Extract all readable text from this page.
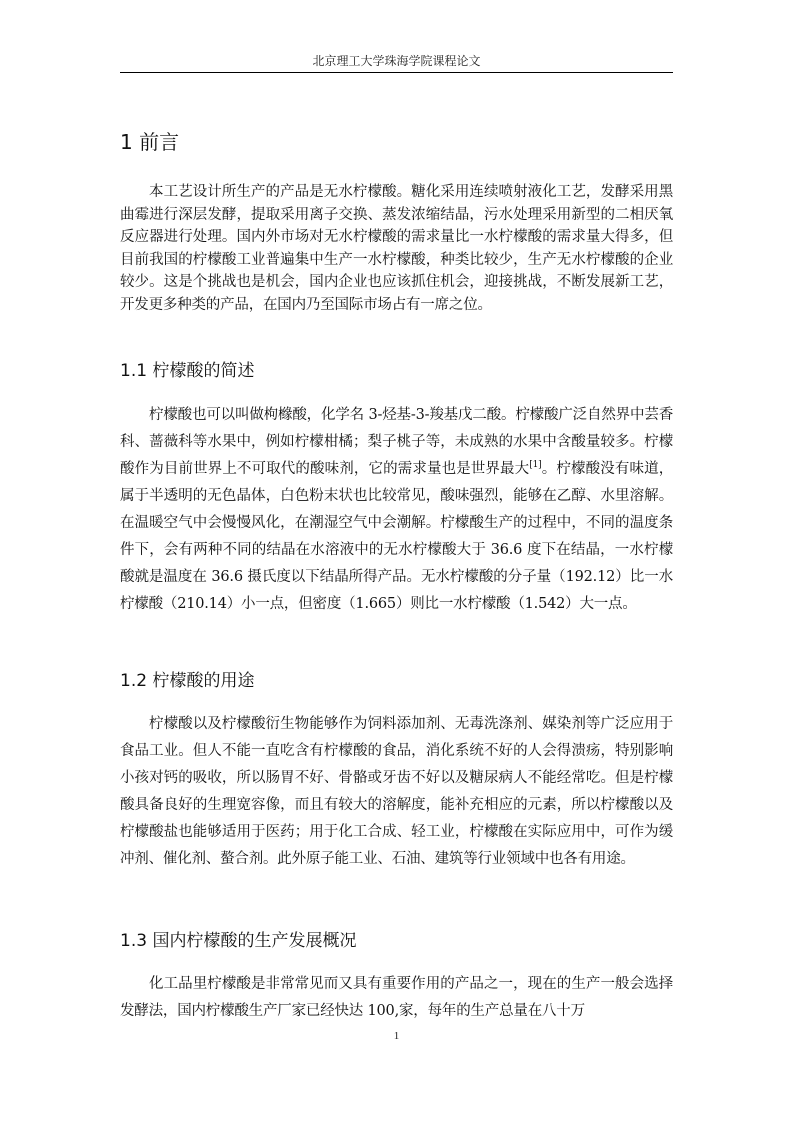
北京理工大学珠海学院课程论文
1 前言

本工艺设计所生产的产品是无水柠檬酸。糖化采用连续喷射液化工艺，发酵采用黑曲霉进行深层发酵，提取采用离子交换、蒸发浓缩结晶，污水处理采用新型的二相厌氧反应器进行处理。国内外市场对无水柠檬酸的需求量比一水柠檬酸的需求量大得多，但目前我国的柠檬酸工业普遍集中生产一水柠檬酸，种类比较少，生产无水柠檬酸的企业较少。这是个挑战也是机会，国内企业也应该抓住机会，迎接挑战，不断发展新工艺，开发更多种类的产品，在国内乃至国际市场占有一席之位。

1.1 柠檬酸的简述

柠檬酸也可以叫做枸橼酸，化学名 3-烃基-3-羧基戊二酸。柠檬酸广泛自然界中芸香科、蔷薇科等水果中，例如柠檬柑橘；梨子桃子等，未成熟的水果中含酸量较多。柠檬酸作为目前世界上不可取代的酸味剂，它的需求量也是世界最大[1]。柠檬酸没有味道，属于半透明的无色晶体，白色粉末状也比较常见，酸味强烈，能够在乙醇、水里溶解。在温暖空气中会慢慢风化，在潮湿空气中会潮解。柠檬酸生产的过程中，不同的温度条件下，会有两种不同的结晶在水溶液中的无水柠檬酸大于 36.6 度下在结晶，一水柠檬酸就是温度在 36.6 摄氏度以下结晶所得产品。无水柠檬酸的分子量（192.12）比一水柠檬酸（210.14）小一点，但密度（1.665）则比一水柠檬酸（1.542）大一点。

1.2 柠檬酸的用途

柠檬酸以及柠檬酸衍生物能够作为饲料添加剂、无毒洗涤剂、媒染剂等广泛应用于食品工业。但人不能一直吃含有柠檬酸的食品，消化系统不好的人会得溃疡，特别影响小孩对钙的吸收，所以肠胃不好、骨骼或牙齿不好以及糖尿病人不能经常吃。但是柠檬酸具备良好的生理宽容像，而且有较大的溶解度，能补充相应的元素，所以柠檬酸以及柠檬酸盐也能够适用于医药；用于化工合成、轻工业，柠檬酸在实际应用中，可作为缓冲剂、催化剂、螯合剂。此外原子能工业、石油、建筑等行业领域中也各有用途。

1.3 国内柠檬酸的生产发展概况

化工品里柠檬酸是非常常见而又具有重要作用的产品之一，现在的生产一般会选择发酵法，国内柠檬酸生产厂家已经快达 100,家，每年的生产总量在八十万

1
